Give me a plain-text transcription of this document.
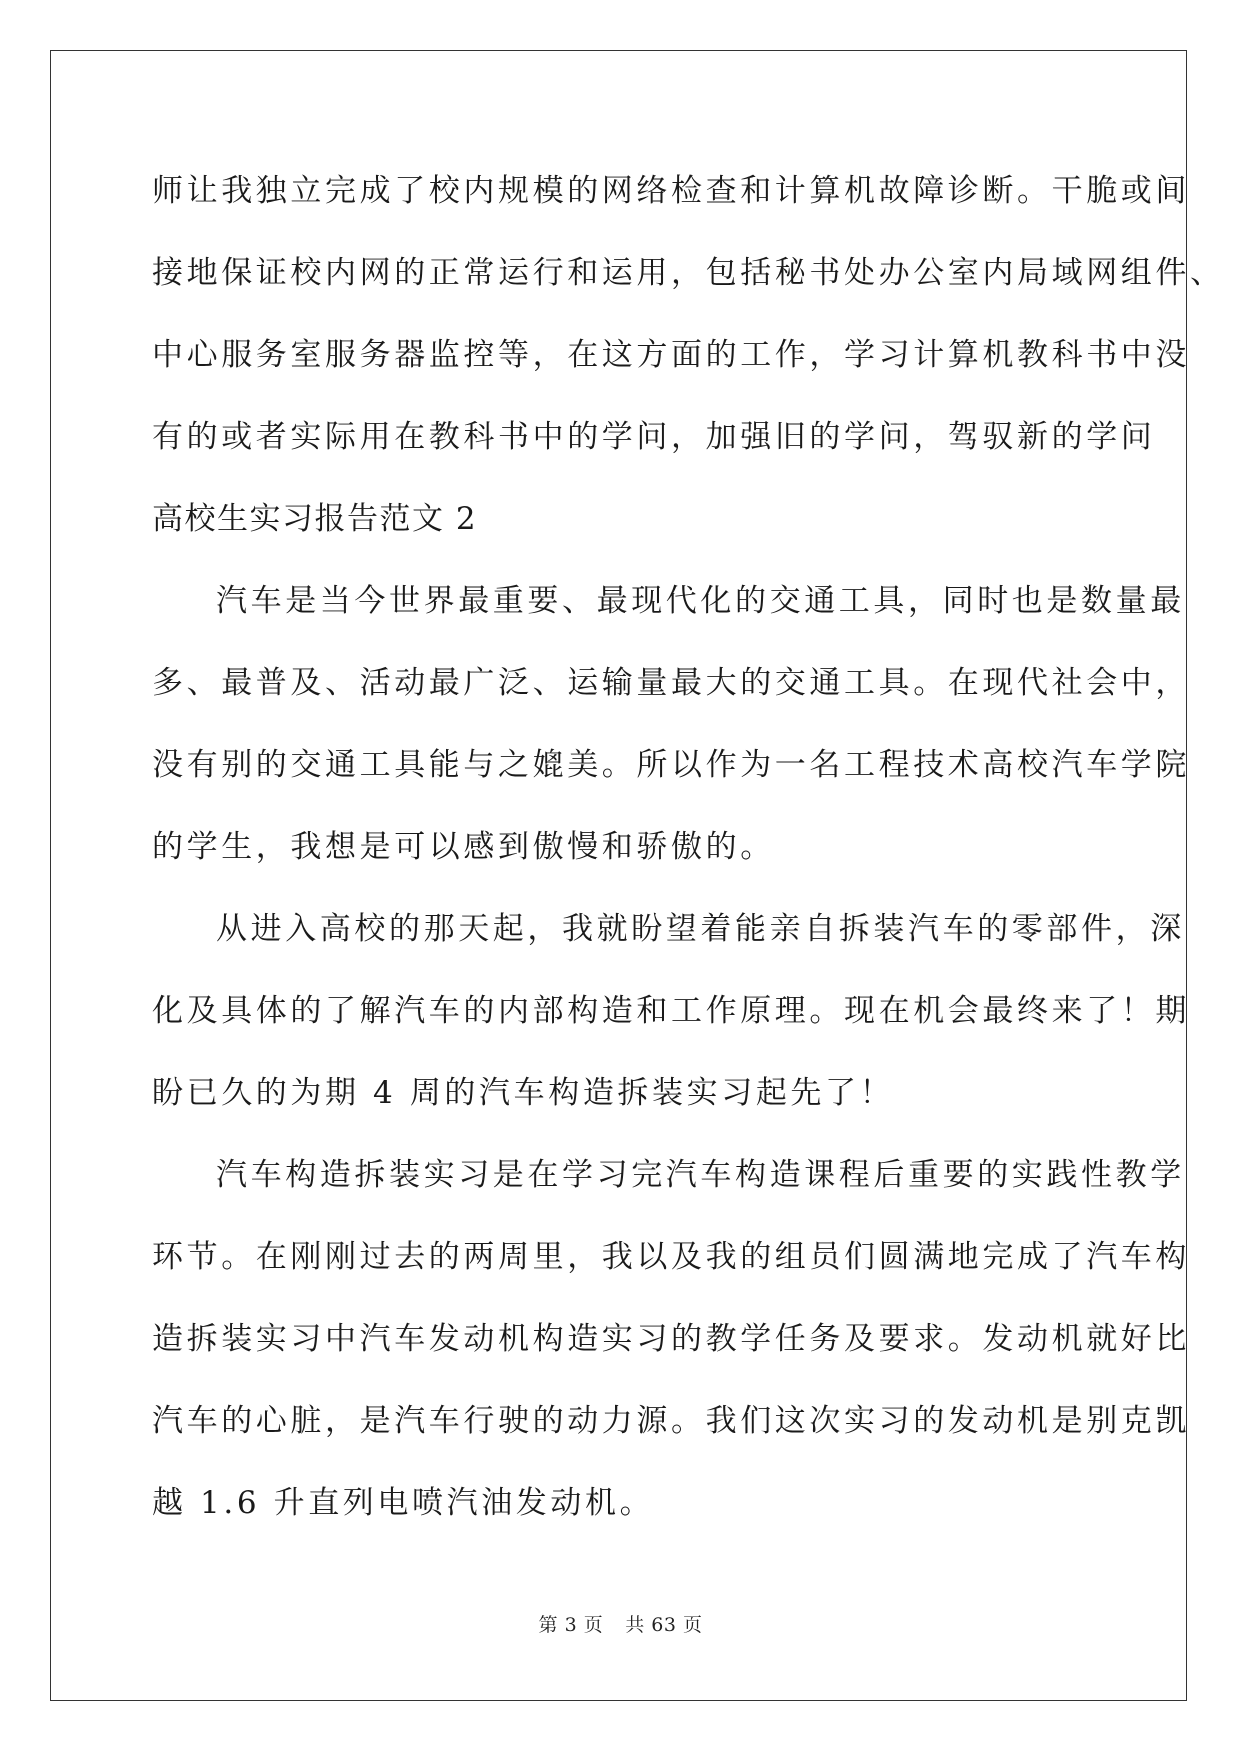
师让我独立完成了校内规模的网络检查和计算机故障诊断。干脆或间
接地保证校内网的正常运行和运用，包括秘书处办公室内局域网组件、
中心服务室服务器监控等，在这方面的工作，学习计算机教科书中没
有的或者实际用在教科书中的学问，加强旧的学问，驾驭新的学问
高校生实习报告范文 2
汽车是当今世界最重要、最现代化的交通工具，同时也是数量最
多、最普及、活动最广泛、运输量最大的交通工具。在现代社会中，
没有别的交通工具能与之媲美。所以作为一名工程技术高校汽车学院
的学生，我想是可以感到傲慢和骄傲的。
从进入高校的那天起，我就盼望着能亲自拆装汽车的零部件，深
化及具体的了解汽车的内部构造和工作原理。现在机会最终来了！期
盼已久的为期 4 周的汽车构造拆装实习起先了！
汽车构造拆装实习是在学习完汽车构造课程后重要的实践性教学
环节。在刚刚过去的两周里，我以及我的组员们圆满地完成了汽车构
造拆装实习中汽车发动机构造实习的教学任务及要求。发动机就好比
汽车的心脏，是汽车行驶的动力源。我们这次实习的发动机是别克凯
越 1.6 升直列电喷汽油发动机。
第 3 页 共 63 页
